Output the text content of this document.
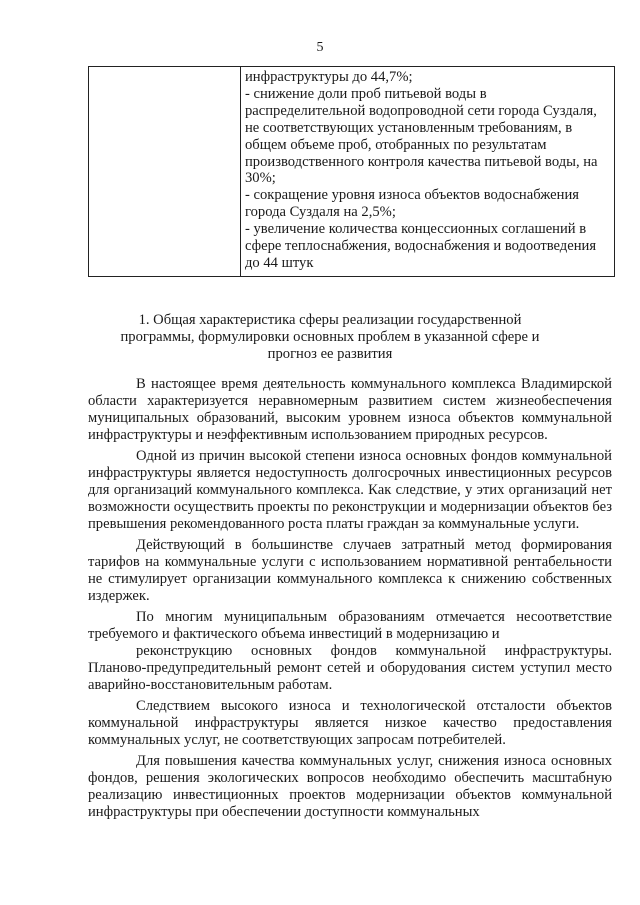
5
инфраструктуры до 44,7%;
- снижение доли проб питьевой воды в
распределительной водопроводной сети города Суздаля,
не соответствующих установленным требованиям, в
общем объеме проб, отобранных по результатам
производственного контроля качества питьевой воды, на
30%;
- сокращение уровня износа объектов водоснабжения
города Суздаля на 2,5%;
- увеличение количества концессионных соглашений в
сфере теплоснабжения, водоснабжения и водоотведения
до 44 штук
1. Общая характеристика сферы реализации государственной программы, формулировки основных проблем в указанной сфере и прогноз ее развития

В настоящее время деятельность коммунального комплекса Владимирской области характеризуется неравномерным развитием систем жизнеобеспечения муниципальных образований, высоким уровнем износа объектов коммунальной инфраструктуры и неэффективным использованием природных ресурсов.

Одной из причин высокой степени износа основных фондов коммунальной инфраструктуры является недоступность долгосрочных инвестиционных ресурсов для организаций коммунального комплекса. Как следствие, у этих организаций нет возможности осуществить проекты по реконструкции и модернизации объектов без превышения рекомендованного роста платы граждан за коммунальные услуги.

Действующий в большинстве случаев затратный метод формирования тарифов на коммунальные услуги с использованием нормативной рентабельности не стимулирует организации коммунального комплекса к снижению собственных издержек.

По многим муниципальным образованиям отмечается несоответствие требуемого и фактического объема инвестиций в модернизацию и

реконструкцию основных фондов коммунальной инфраструктуры. Планово-предупредительный ремонт сетей и оборудования систем уступил место аварийно-восстановительным работам.

Следствием высокого износа и технологической отсталости объектов коммунальной инфраструктуры является низкое качество предоставления коммунальных услуг, не соответствующих запросам потребителей.

Для повышения качества коммунальных услуг, снижения износа основных фондов, решения экологических вопросов необходимо обеспечить масштабную реализацию инвестиционных проектов модернизации объектов коммунальной инфраструктуры при обеспечении доступности коммунальных
